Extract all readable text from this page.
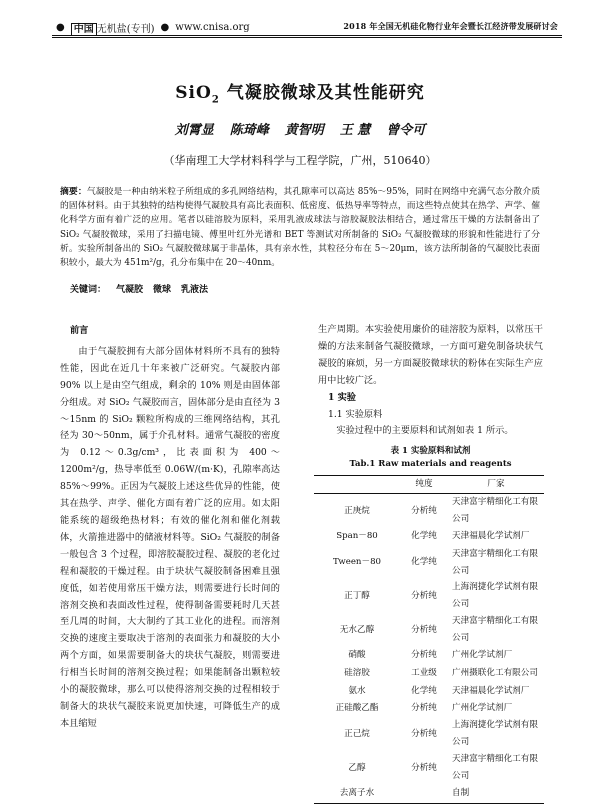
● 中国 无机盐(专刊) ● www.cnisa.org	2018 年全国无机硅化物行业年会暨长江经济带发展研讨会
SiO$_2$ 气凝胶微球及其性能研究
刘霄显 陈琦峰 黄智明 王 慧 曾令可
（华南理工大学材料科学与工程学院，广州，510640）
摘要：气凝胶是一种由纳米粒子所组成的多孔网络结构，其孔隙率可以高达 85%～95%，同时在网络中充满气态分散介质的固体材料。由于其独特的结构使得气凝胶具有高比表面积、低密度、低热导率等特点，而这些特点使其在热学、声学、催化科学方面有着广泛的应用。笔者以硅溶胶为原料，采用乳液成球法与溶胶凝胶法相结合，通过常压干燥的方法制备出了 SiO₂ 气凝胶微球，采用了扫描电镜、傅里叶红外光谱和 BET 等测试对所制备的 SiO₂ 气凝胶微球的形貌和性能进行了分析。实验所制备出的 SiO₂ 气凝胶微球属于非晶体，具有亲水性，其粒径分布在 5～20μm，该方法所制备的气凝胶比表面积较小，最大为 451m²/g，孔分布集中在 20～40nm。
关键词： 气凝胶 微球 乳液法
前言
由于气凝胶拥有大部分固体材料所不具有的独特性能，因此在近几十年来被广泛研究。气凝胶内部 90% 以上是由空气组成，剩余的 10% 则是由固体部分组成。对 SiO₂ 气凝胶而言，固体部分是由直径为 3～15nm 的 SiO₂ 颗粒所构成的三维网络结构，其孔径为 30～50nm，属于介孔材料。通常气凝胶的密度为 0.12～0.3g/cm³，比表面积为 400～1200m²/g，热导率低至 0.06W/(m·K)，孔隙率高达 85%～99%。正因为气凝胶上述这些优异的性能，使其在热学、声学、催化方面有着广泛的应用。如太阳能系统的超级绝热材料；有效的催化剂和催化剂载体，火箭推进器中的储液材料等。SiO₂ 气凝胶的制备一般包含 3 个过程，即溶胶凝胶过程、凝胶的老化过程和凝胶的干燥过程。由于块状气凝胶制备困难且强度低，如若使用常压干燥方法，则需要进行长时间的溶剂交换和表面改性过程，使得制备需要耗时几天甚至几周的时间，大大制约了其工业化的进程。而溶剂交换的速度主要取决于溶剂的表面张力和凝胶的大小两个方面，如果需要制备大的块状气凝胶，则需要进行相当长时间的溶剂交换过程；如果能制备出颗粒较小的凝胶微球，那么可以使得溶剂交换的过程相较于制备大的块状气凝胶来说更加快速，可降低生产的成本且缩短
生产周期。本实验使用廉价的硅溶胶为原料，以常压干燥的方法来制备气凝胶微球，一方面可避免制备块状气凝胶的麻烦，另一方面凝胶微球状的粉体在实际生产应用中比较广泛。
1 实验
1.1 实验原料
实验过程中的主要原料和试剂如表 1 所示。
表 1 实验原料和试剂
Tab.1 Raw materials and reagents
	纯度	厂家
正庚烷	分析纯	天津富宇精细化工有限公司
Span－80	化学纯	天津福晨化学试剂厂
Tween－80	化学纯	天津富宇精细化工有限公司
正丁醇	分析纯	上海润捷化学试剂有限公司
无水乙醇	分析纯	天津富宇精细化工有限公司
硝酸	分析纯	广州化学试剂厂
硅溶胶	工业级	广州摄联化工有限公司
氨水	化学纯	天津福晨化学试剂厂
正硅酸乙酯	分析纯	广州化学试剂厂
正己烷	分析纯	上海润捷化学试剂有限公司
乙醇	分析纯	天津富宇精细化工有限公司
去离子水		自制
